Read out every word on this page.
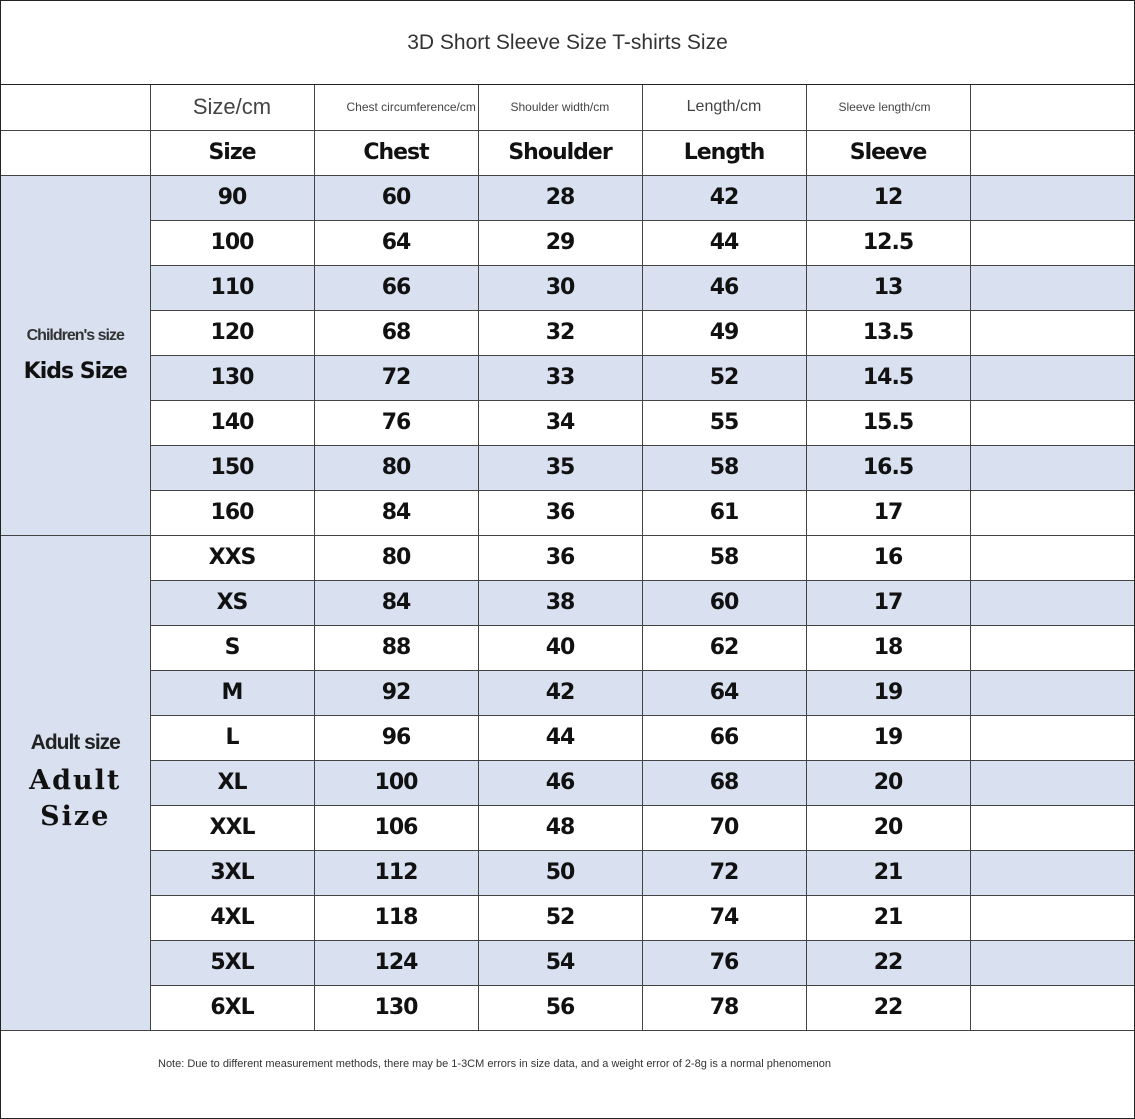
3D Short Sleeve Size T-shirts Size
	Size/cm	Chest circumference/cm	Shoulder width/cm	Length/cm	Sleeve length/cm	
	Size	Chest	Shoulder	Length	Sleeve	

Children's size
Kids Size	90	60	28	42	12	
	100	64	29	44	12.5	
	110	66	30	46	13	
	120	68	32	49	13.5	
	130	72	33	52	14.5	
	140	76	34	55	15.5	
	150	80	35	58	16.5	
	160	84	36	61	17	

Adult size
Adult Size	XXS	80	36	58	16	
	XS	84	38	60	17	
	S	88	40	62	18	
	M	92	42	64	19	
	L	96	44	66	19	
	XL	100	46	68	20	
	XXL	106	48	70	20	
	3XL	112	50	72	21	
	4XL	118	52	74	21	
	5XL	124	54	76	22	
	6XL	130	56	78	22	
Note: Due to different measurement methods, there may be 1-3CM errors in size data, and a weight error of 2-8g is a normal phenomenon
